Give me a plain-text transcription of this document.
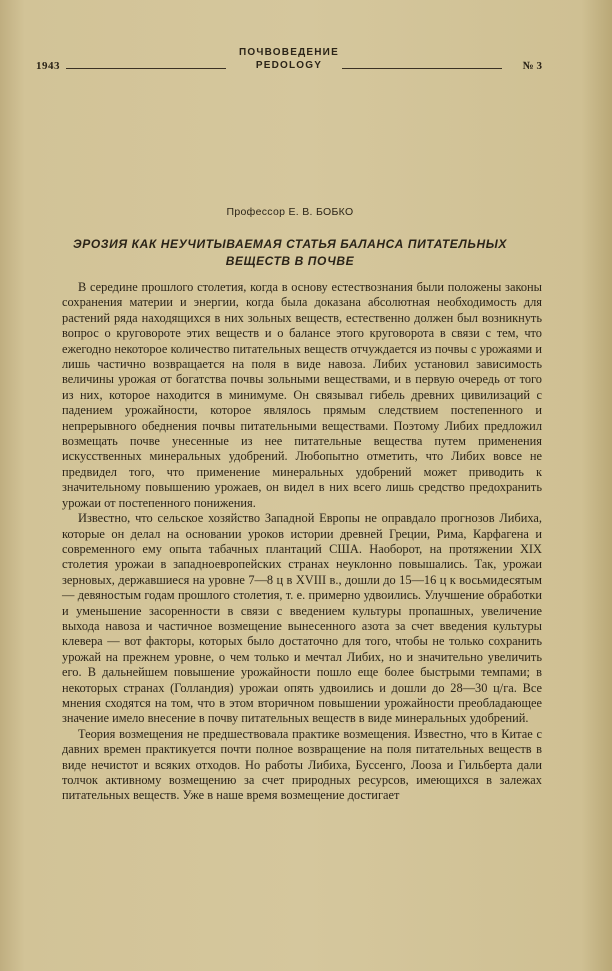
1943
ПОЧВОВЕДЕНИЕ
PEDOLOGY	№ 3
Профессор Е. В. БОБКО
ЭРОЗИЯ КАК НЕУЧИТЫВАЕМАЯ СТАТЬЯ БАЛАНСА ПИТАТЕЛЬНЫХ ВЕЩЕСТВ В ПОЧВЕ

В середине прошлого столетия, когда в основу естествознания были положены законы сохранения материи и энергии, когда была доказана абсолютная необходимость для растений ряда находящихся в них зольных веществ, естественно должен был возникнуть вопрос о круговороте этих веществ и о балансе этого круговорота в связи с тем, что ежегодно некоторое количество питательных веществ отчуждается из почвы с урожаями и лишь частично возвращается на поля в виде навоза. Либих установил зависимость величины урожая от богатства почвы зольными веществами, и в первую очередь от того из них, которое находится в минимуме. Он связывал гибель древних цивилизаций с падением урожайности, которое являлось прямым следствием постепенного и непрерывного обеднения почвы питательными веществами. Поэтому Либих предложил возмещать почве унесенные из нее питательные вещества путем применения искусственных минеральных удобрений. Любопытно отметить, что Либих вовсе не предвидел того, что применение минеральных удобрений может приводить к значительному повышению урожаев, он видел в них всего лишь средство предохранить урожаи от постепенного понижения.

Известно, что сельское хозяйство Западной Европы не оправдало прогнозов Либиха, которые он делал на основании уроков истории древней Греции, Рима, Карфагена и современного ему опыта табачных плантаций США. Наоборот, на протяжении XIX столетия урожаи в западноевропейских странах неуклонно повышались. Так, урожаи зерновых, державшиеся на уровне 7—8 ц в XVIII в., дошли до 15—16 ц к восьмидесятым — девяностым годам прошлого столетия, т. е. примерно удвоились. Улучшение обработки и уменьшение засоренности в связи с введением культуры пропашных, увеличение выхода навоза и частичное возмещение вынесенного азота за счет введения культуры клевера — вот факторы, которых было достаточно для того, чтобы не только сохранить урожай на прежнем уровне, о чем только и мечтал Либих, но и значительно увеличить его. В дальнейшем повышение урожайности пошло еще более быстрыми темпами; в некоторых странах (Голландия) урожаи опять удвоились и дошли до 28—30 ц/га. Все мнения сходятся на том, что в этом вторичном повышении урожайности преобладающее значение имело внесение в почву питательных веществ в виде минеральных удобрений.

Теория возмещения не предшествовала практике возмещения. Известно, что в Китае с давних времен практикуется почти полное возвращение на поля питательных веществ в виде нечистот и всяких отходов. Но работы Либиха, Буссенго, Лооза и Гильберта дали толчок активному возмещению за счет природных ресурсов, имеющихся в залежах питательных веществ. Уже в наше время возмещение достигает
